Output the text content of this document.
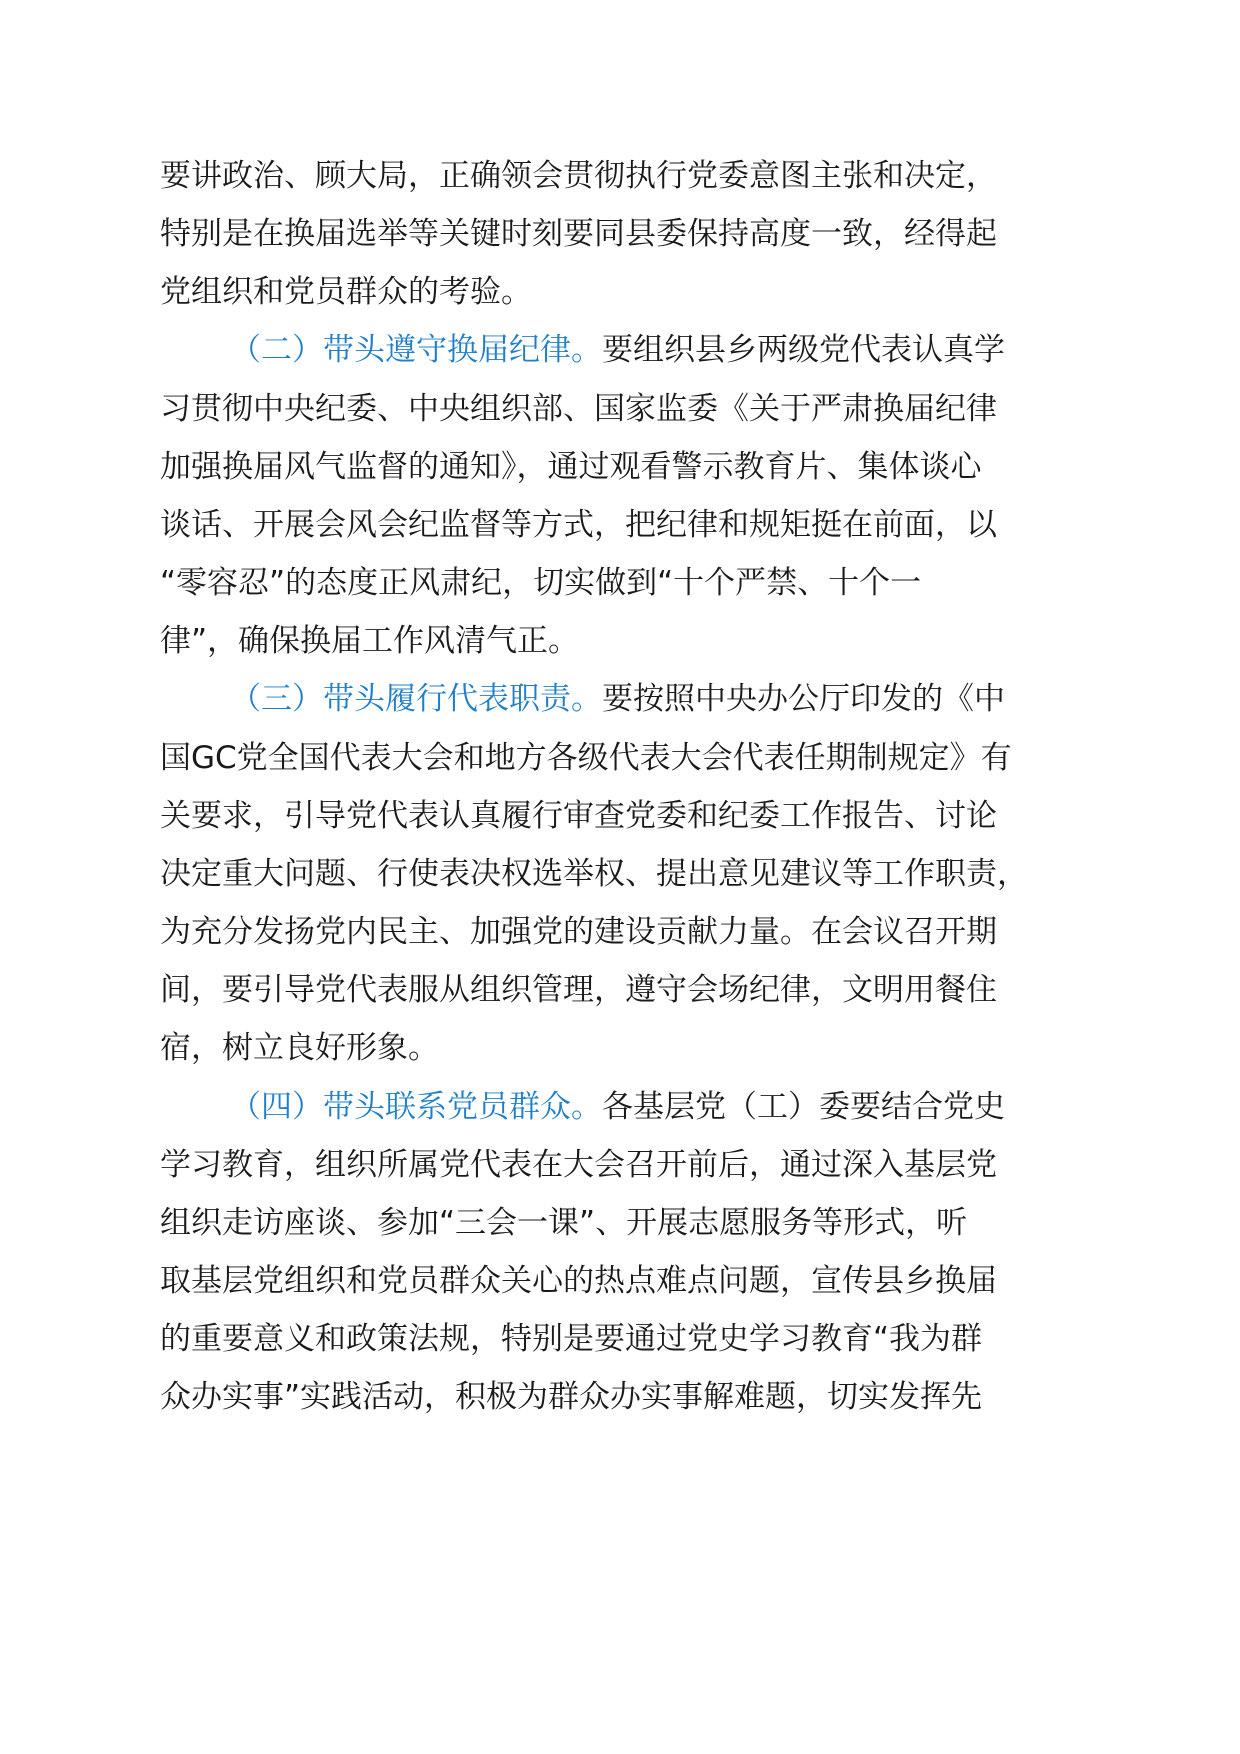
要讲政治、顾大局，正确领会贯彻执行党委意图主张和决定，
特别是在换届选举等关键时刻要同县委保持高度一致，经得起
党组织和党员群众的考验。
（二）带头遵守换届纪律。要组织县乡两级党代表认真学
习贯彻中央纪委、中央组织部、国家监委《关于严肃换届纪律
加强换届风气监督的通知》，通过观看警示教育片、集体谈心
谈话、开展会风会纪监督等方式，把纪律和规矩挺在前面，以
“零容忍”的态度正风肃纪，切实做到“十个严禁、十个一
律”，确保换届工作风清气正。
（三）带头履行代表职责。要按照中央办公厅印发的《中
国GC党全国代表大会和地方各级代表大会代表任期制规定》有
关要求，引导党代表认真履行审查党委和纪委工作报告、讨论
决定重大问题、行使表决权选举权、提出意见建议等工作职责，
为充分发扬党内民主、加强党的建设贡献力量。在会议召开期
间，要引导党代表服从组织管理，遵守会场纪律，文明用餐住
宿，树立良好形象。
（四）带头联系党员群众。各基层党（工）委要结合党史
学习教育，组织所属党代表在大会召开前后，通过深入基层党
组织走访座谈、参加“三会一课”、开展志愿服务等形式，听
取基层党组织和党员群众关心的热点难点问题，宣传县乡换届
的重要意义和政策法规，特别是要通过党史学习教育“我为群
众办实事”实践活动，积极为群众办实事解难题，切实发挥先
